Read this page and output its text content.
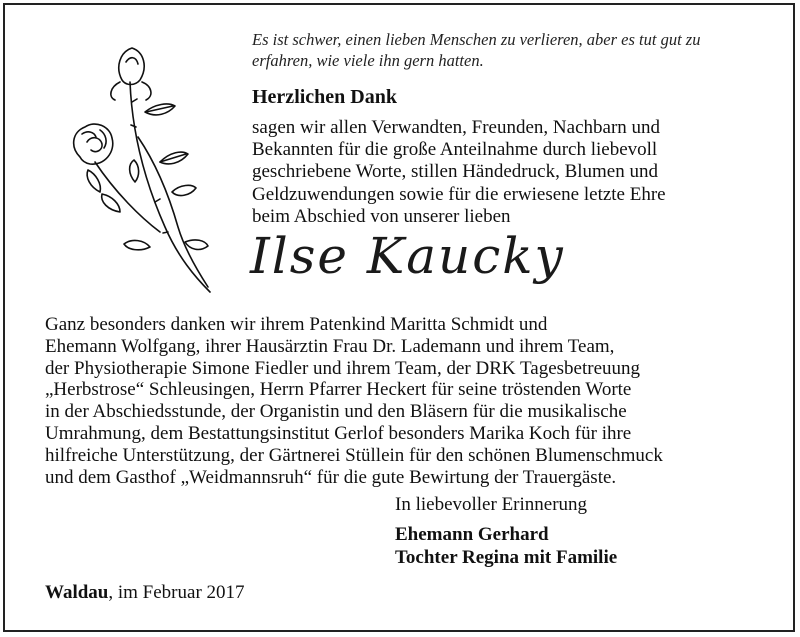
Es ist schwer, einen lieben Menschen zu verlieren, aber es tut gut zu
erfahren, wie viele ihn gern hatten.
Herzlichen Dank
sagen wir allen Verwandten, Freunden, Nachbarn und
Bekannten für die große Anteilnahme durch liebevoll
geschriebene Worte, stillen Händedruck, Blumen und
Geldzuwendungen sowie für die erwiesene letzte Ehre
beim Abschied von unserer lieben
Ilse Kaucky
Ganz besonders danken wir ihrem Patenkind Maritta Schmidt und
Ehemann Wolfgang, ihrer Hausärztin Frau Dr. Lademann und ihrem Team,
der Physiotherapie Simone Fiedler und ihrem Team, der DRK Tagesbetreuung
„Herbstrose“ Schleusingen, Herrn Pfarrer Heckert für seine tröstenden Worte
in der Abschiedsstunde, der Organistin und den Bläsern für die musikalische
Umrahmung, dem Bestattungsinstitut Gerlof besonders Marika Koch für ihre
hilfreiche Unterstützung, der Gärtnerei Stüllein für den schönen Blumenschmuck
und dem Gasthof „Weidmannsruh“ für die gute Bewirtung der Trauergäste.
In liebevoller Erinnerung
Ehemann Gerhard
Tochter Regina mit Familie
Waldau, im Februar 2017
